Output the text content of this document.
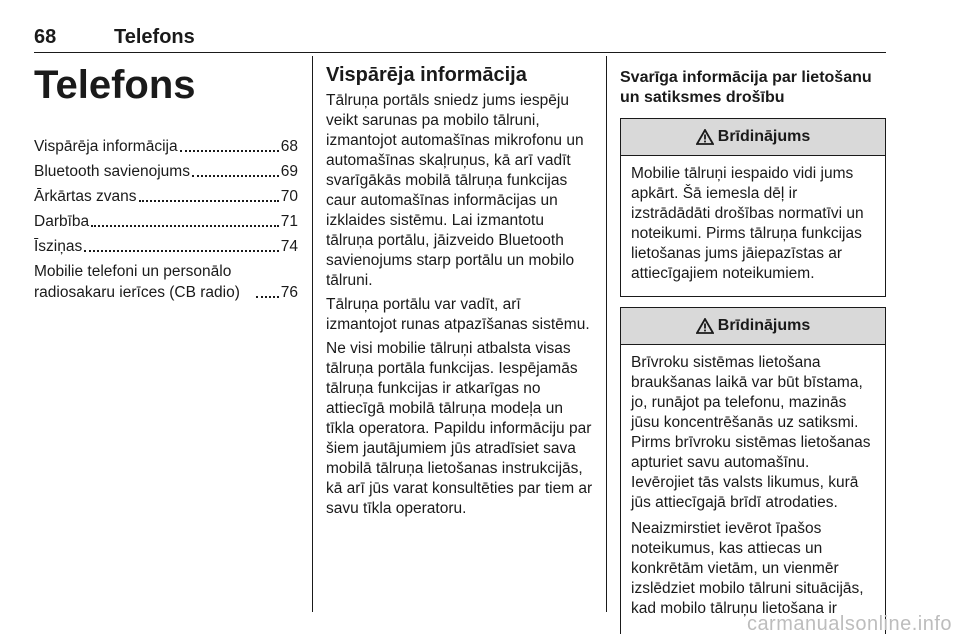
68	Telefons
Telefons
Vispārēja informācija	68
Bluetooth savienojums	69
Ārkārtas zvans	70
Darbība	71
Īsziņas	74
Mobilie telefoni un personālo radiosakaru ierīces (CB radio)	76
Vispārēja informācija

Tālruņa portāls sniedz jums iespēju veikt sarunas pa mobilo tālruni, izmantojot automašīnas mikrofonu un automašīnas skaļruņus, kā arī vadīt svarīgākās mobilā tālruņa funkcijas caur automašīnas informācijas un izklaides sistēmu. Lai izmantotu tālruņa portālu, jāizveido Bluetooth savienojums starp portālu un mobilo tālruni.

Tālruņa portālu var vadīt, arī izmantojot runas atpazīšanas sistēmu.

Ne visi mobilie tālruņi atbalsta visas tālruņa portāla funkcijas. Iespējamās tālruņa funkcijas ir atkarīgas no attiecīgā mobilā tālruņa modeļa un tīkla operatora. Papildu informāciju par šiem jautājumiem jūs atradīsiet sava mobilā tālruņa lietošanas instrukcijās, kā arī jūs varat konsultēties par tiem ar savu tīkla operatoru.

Svarīga informācija par lietošanu un satiksmes drošību
Brīdinājums

Mobilie tālruņi iespaido vidi jums apkārt. Šā iemesla dēļ ir izstrādādāti drošības normatīvi un noteikumi. Pirms tālruņa funkcijas lietošanas jums jāiepazīstas ar attiecīgajiem noteikumiem.

Brīdinājums

Brīvroku sistēmas lietošana braukšanas laikā var būt bīstama, jo, runājot pa telefonu, mazinās jūsu koncentrēšanās uz satiksmi. Pirms brīvroku sistēmas lietošanas apturiet savu automašīnu. Ievērojiet tās valsts likumus, kurā jūs attiecīgajā brīdī atrodaties.

Neaizmirstiet ievērot īpašos noteikumus, kas attiecas un konkrētām vietām, un vienmēr izslēdziet mobilo tālruni situācijās, kad mobilo tālruņu lietošana ir

carmanualsonline.info
